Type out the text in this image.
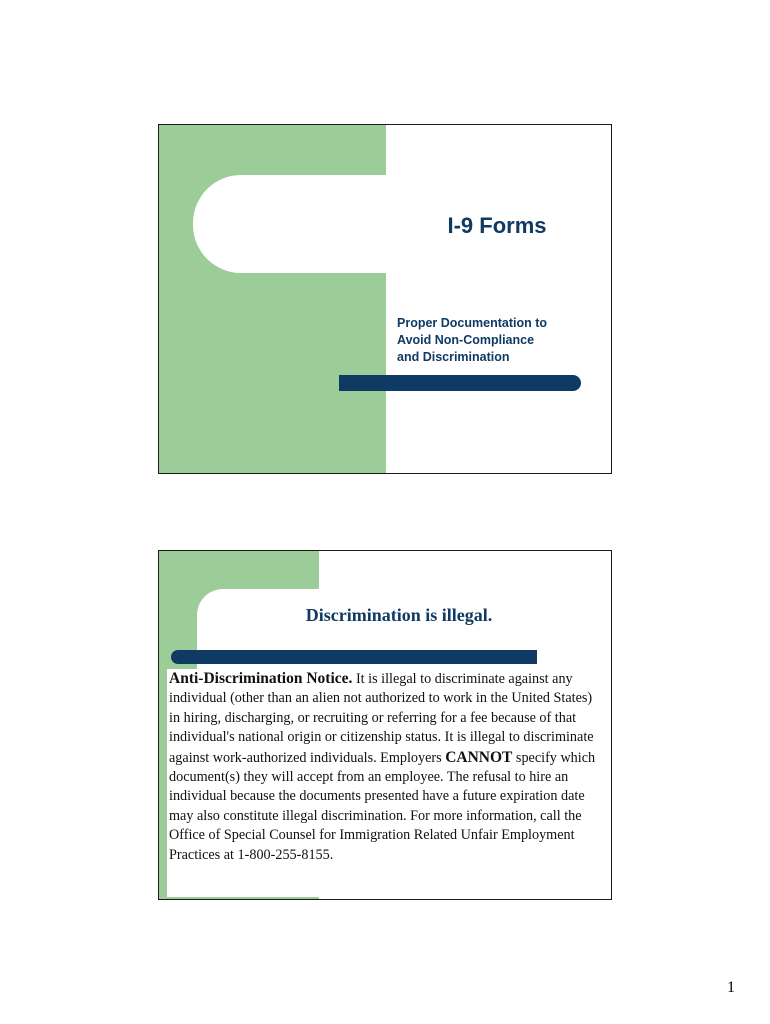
I-9 Forms
Proper Documentation to
Avoid Non-Compliance
and Discrimination
Discrimination is illegal.
Anti-Discrimination Notice. It is illegal to discriminate against any individual (other than an alien not authorized to work in the United States) in hiring, discharging, or recruiting or referring for a fee because of that individual's national origin or citizenship status. It is illegal to discriminate against work-authorized individuals. Employers CANNOT specify which document(s) they will accept from an employee. The refusal to hire an individual because the documents presented have a future expiration date may also constitute illegal discrimination. For more information, call the Office of Special Counsel for Immigration Related Unfair Employment Practices at 1-800-255-8155.
1
